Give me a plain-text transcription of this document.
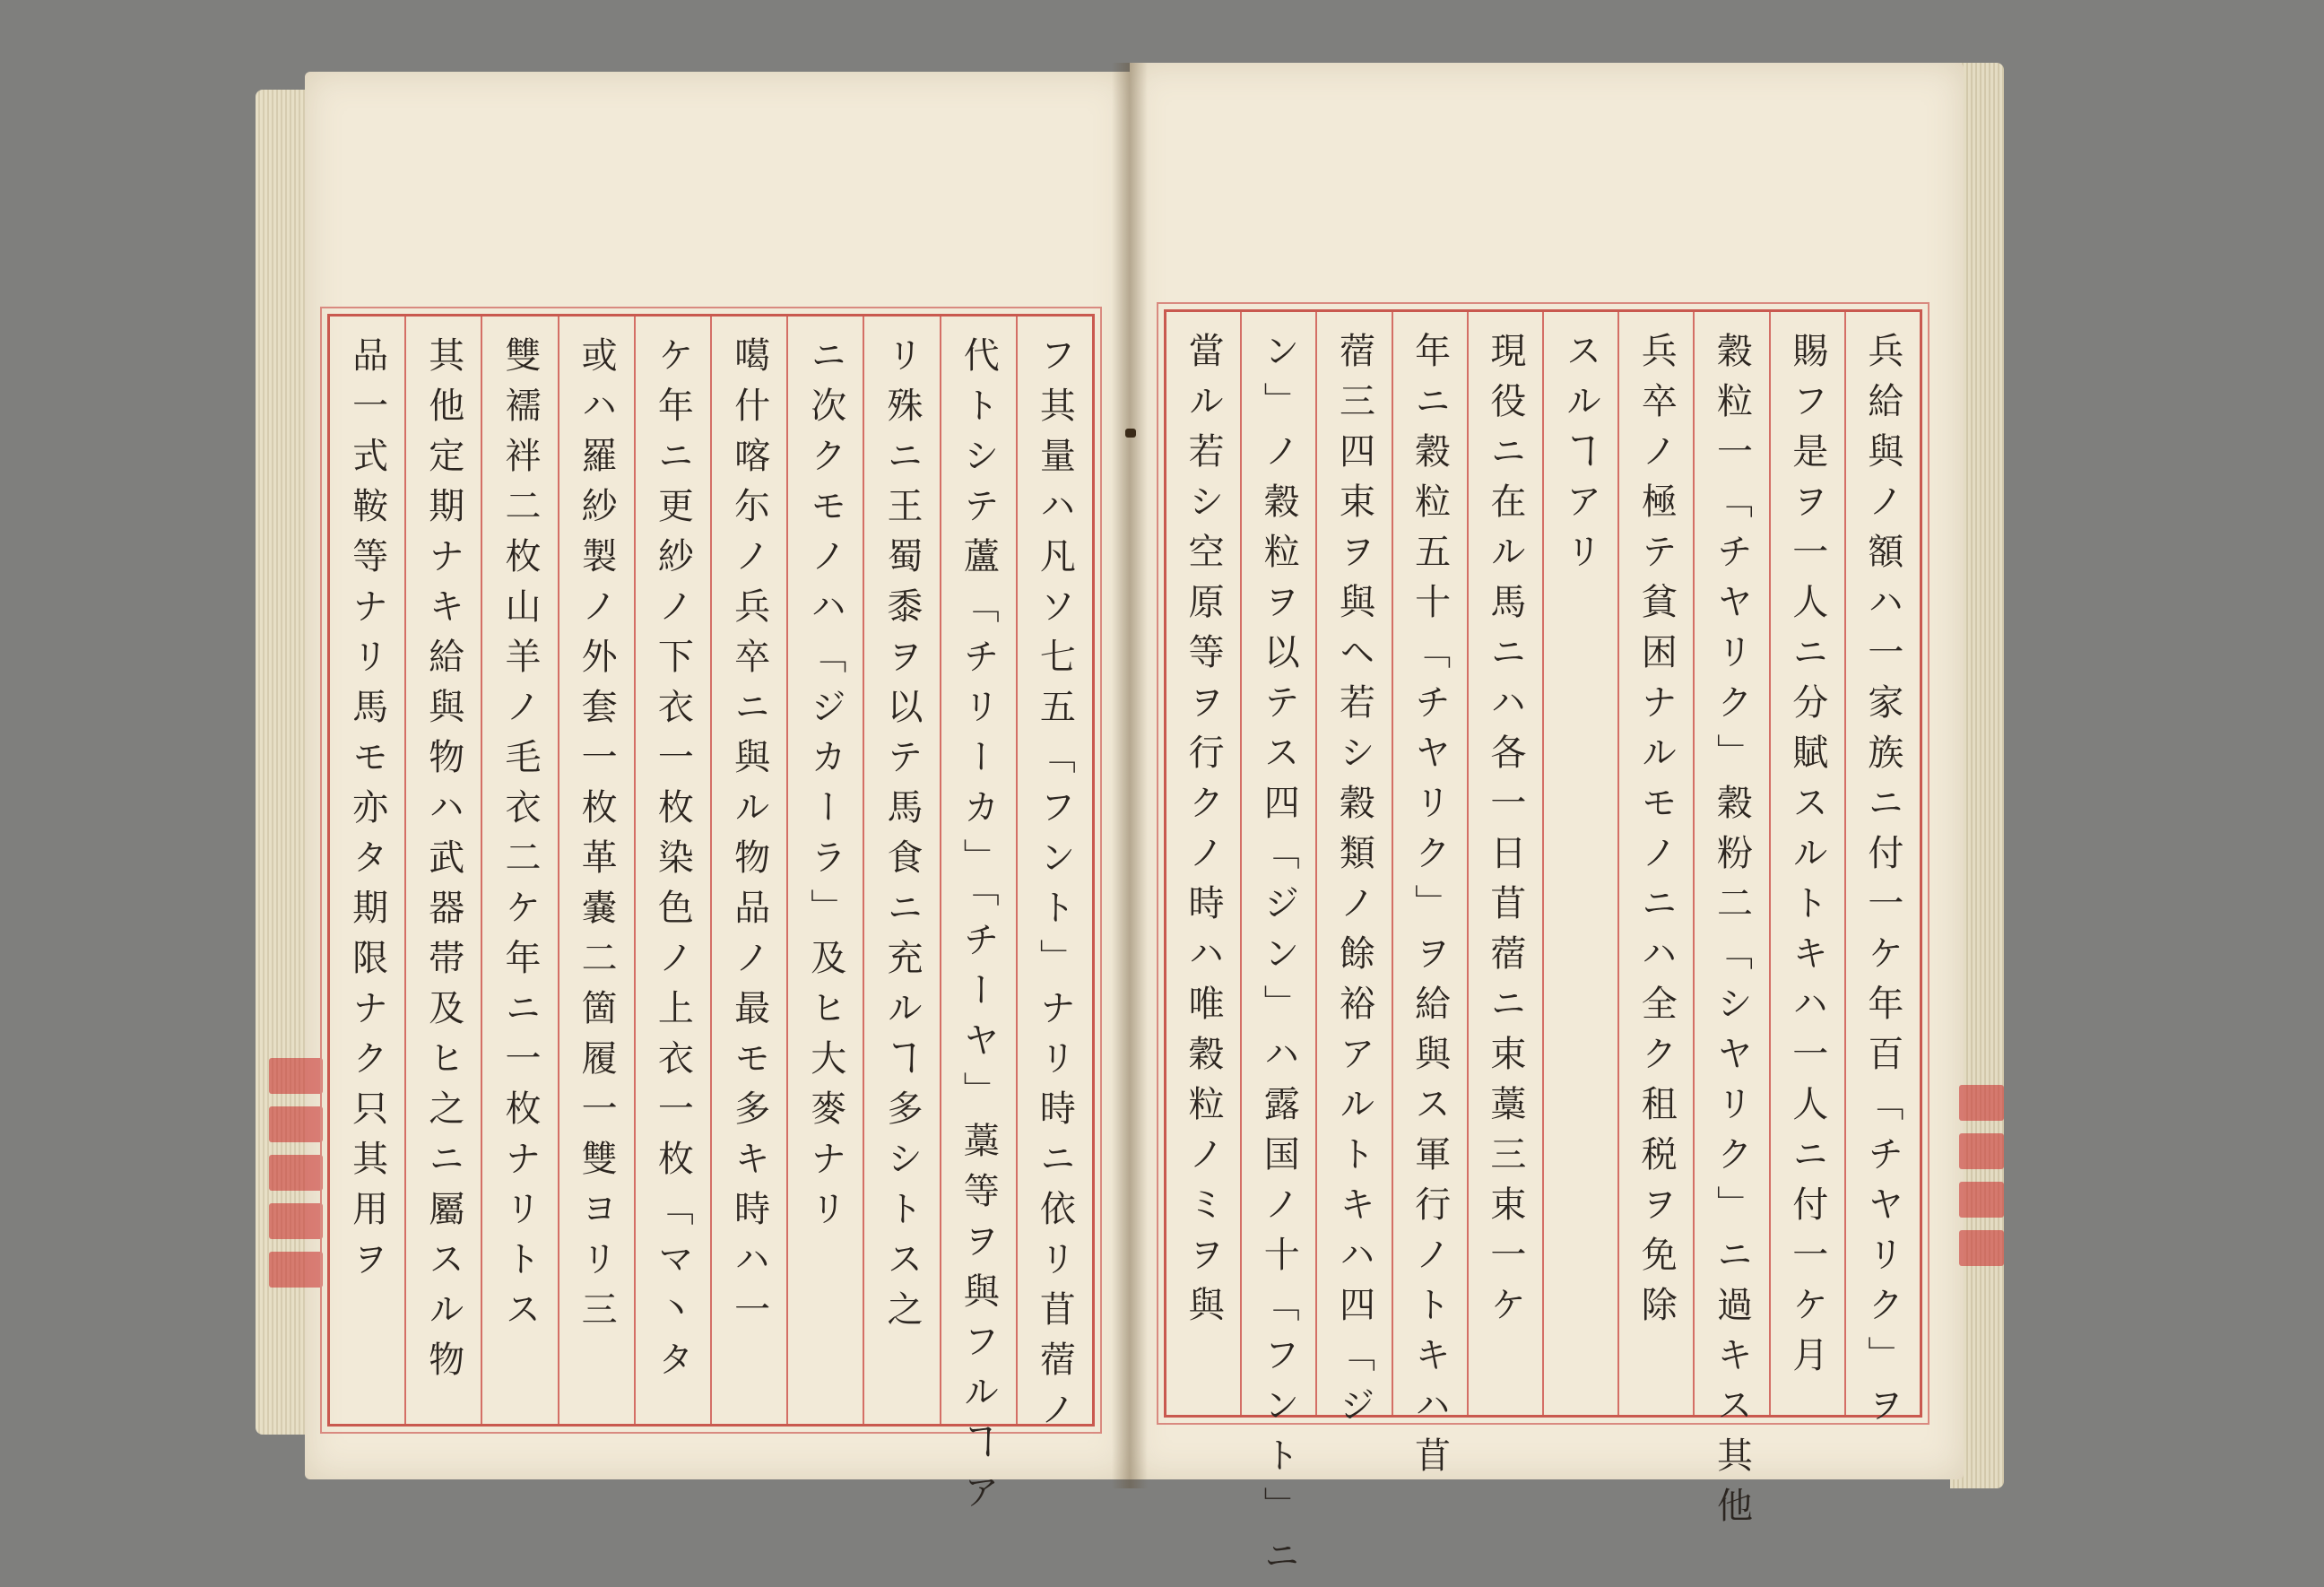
フ其量ハ凡ソ七五「フント」ナリ時ニ依リ苜蓿ノ
代トシテ蘆「チリーカ」「チーヤ」藁等ヲ與フルヿア
リ殊ニ王蜀黍ヲ以テ馬食ニ充ルヿ多シトス之
ニ次クモノハ「ジカーラ」及ヒ大麥ナリ
噶什喀尓ノ兵卒ニ與ル物品ノ最モ多キ時ハ一
ケ年ニ更紗ノ下衣一枚染色ノ上衣一枚「マ丶タ
或ハ羅紗製ノ外套一枚革嚢二箇履一雙ヨリ三
雙襦袢二枚山羊ノ毛衣二ケ年ニ一枚ナリトス
其他定期ナキ給與物ハ武器帯及ヒ之ニ屬スル物
品一式鞍等ナリ馬モ亦タ期限ナク只其用ヲ	兵給與ノ額ハ一家族ニ付一ケ年百「チヤリク」ヲ
賜フ是ヲ一人ニ分賦スルトキハ一人ニ付一ケ月
穀粒一「チヤリク」穀粉二「シヤリク」ニ過キス其他
兵卒ノ極テ貧困ナルモノニハ全ク租税ヲ免除
スルヿアリ
現役ニ在ル馬ニハ各一日苜蓿ニ束藁三束一ケ
年ニ穀粒五十「チヤリク」ヲ給與ス軍行ノトキハ苜
蓿三四束ヲ與ヘ若シ穀類ノ餘裕アルトキハ四「ジ
ン」ノ穀粒ヲ以テス四「ジン」ハ露国ノ十「フント」ニ
當ル若シ空原等ヲ行クノ時ハ唯穀粒ノミヲ與
